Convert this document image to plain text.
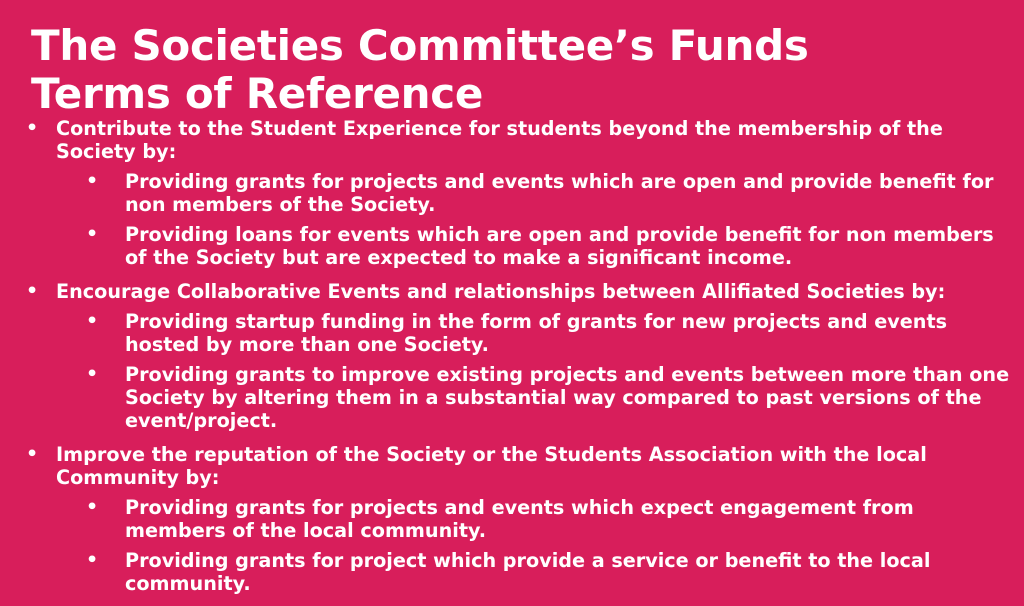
The Societies Committee’s Funds
Terms of Reference
• Contribute to the Student Experience for students beyond the membership of the Society by:
• Providing grants for projects and events which are open and provide benefit for non members of the Society.
• Providing loans for events which are open and provide benefit for non members of the Society but are expected to make a significant income.
• Encourage Collaborative Events and relationships between Allifiated Societies by:
• Providing startup funding in the form of grants for new projects and events hosted by more than one Society.
• Providing grants to improve existing projects and events between more than one Society by altering them in a substantial way compared to past versions of the event/project.
• Improve the reputation of the Society or the Students Association with the local Community by:
• Providing grants for projects and events which expect engagement from members of the local community.
• Providing grants for project which provide a service or benefit to the local community.
